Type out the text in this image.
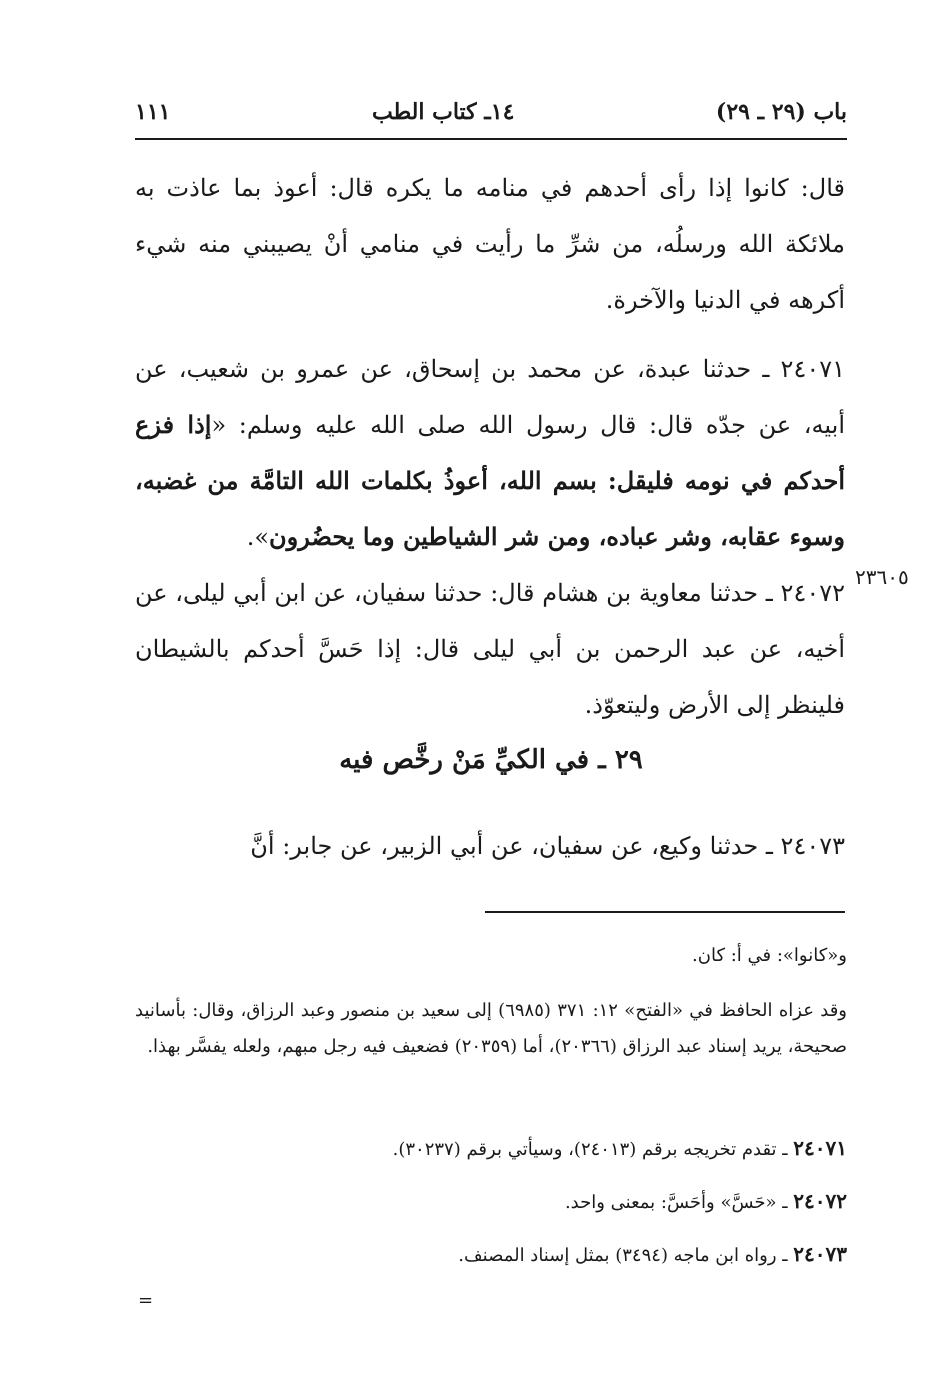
باب (٢٩ ـ ٢٩)
١٤ـ كتاب الطب
١١١
قال: كانوا إذا رأى أحدهم في منامه ما يكره قال: أعوذ بما عاذت به ملائكة الله ورسلُه، من شرِّ ما رأيت في منامي أنْ يصيبني منه شيء أكرهه في الدنيا والآخرة.
٢٤٠٧١ ـ حدثنا عبدة، عن محمد بن إسحاق، عن عمرو بن شعيب، عن أبيه، عن جدّه قال: قال رسول الله صلى الله عليه وسلم: «إذا فزع أحدكم في نومه فليقل: بسم الله، أعوذُ بكلمات الله التامَّة من غضبه، وسوء عقابه، وشر عباده، ومن شر الشياطين وما يحضُرون».
٢٣٦٠٥
٢٤٠٧٢ ـ حدثنا معاوية بن هشام قال: حدثنا سفيان، عن ابن أبي ليلى، عن أخيه، عن عبد الرحمن بن أبي ليلى قال: إذا حَسَّ أحدكم بالشيطان فلينظر إلى الأرض وليتعوّذ.
٢٩ ـ في الكيِّ مَنْ رخَّص فيه
٢٤٠٧٣ ـ حدثنا وكيع، عن سفيان، عن أبي الزبير، عن جابر: أنَّ
و«كانوا»: في أ: كان.
وقد عزاه الحافظ في «الفتح» ١٢: ٣٧١ (٦٩٨٥) إلى سعيد بن منصور وعبد الرزاق، وقال: بأسانيد صحيحة، يريد إسناد عبد الرزاق (٢٠٣٦٦)، أما (٢٠٣٥٩) فضعيف فيه رجل مبهم، ولعله يفسَّر بهذا.
٢٤٠٧١ ـ تقدم تخريجه برقم (٢٤٠١٣)، وسيأتي برقم (٣٠٢٣٧).
٢٤٠٧٢ ـ «حَسَّ» وأحَسَّ: بمعنى واحد.
٢٤٠٧٣ ـ رواه ابن ماجه (٣٤٩٤) بمثل إسناد المصنف.
=
